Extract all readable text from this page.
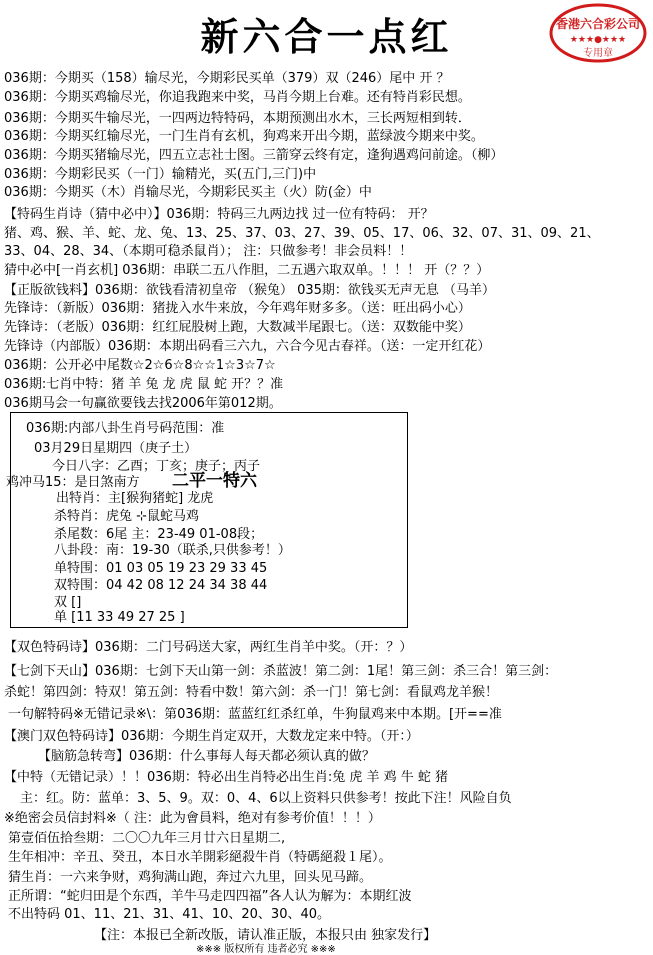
新六合一点红	香港六合彩公司
★★★●★★★
专用章
036期：今期买（158）输尽光，今期彩民买单（379）双（246）尾中 开 ？
036期：今期买鸡输尽光，你追我跑来中奖，马肖今期上台难。还有特肖彩民想。
036期：今期买牛输尽光，一四两边特特码，本期预测出水木，三长两短相到转．
036期：今期买红输尽光，一门生肖有玄机，狗鸡来开出今期，蓝绿波今期来中奖。
036期：今期买猪输尽光，四五立志社士图。三箭穿云终有定，逢狗遇鸡问前途。（柳）
036期：今期彩民买（一门）输精光，买(五门,三门)中
036期：今期买（木）肖输尽光，今期彩民买主（火）防(金）中
【特码生肖诗（猜中必中）】036期：特码三九两边找 过一位有特码： 开？
猪、鸡、猴、羊、蛇、龙、兔、13、25、37、03、27、39、05、17、06、32、07、31、09、21、
33、04、28、34、（本期可稳杀鼠肖）； 注：只做参考！非会员料！！
猜中必中[一肖玄机] 036期：串联二五八作胆，二五遇六取双单。！！！ 开（？？）
【正版欲钱料】036期：欲钱看清初皇帝 （猴兔） 035期：欲钱买无声无息 （马羊）
先锋诗：（新版）036期：猪拢入水牛来放，今年鸡年财多多。（送：旺出码小心）
先锋诗：（老版）036期：红红屁股树上跑，大数减半尾跟七。（送：双数能中奖）
先锋诗（内部版）036期：本期出码看三六九，六合今见古春祥。（送：一定开红花）
036期：公开必中尾数☆2☆6☆8☆☆1☆3☆7☆
036期:七肖中特：猪 羊 兔 龙 虎 鼠 蛇 开？？准
036期马会一句赢欲要钱去找2006年第012期。
036期:内部八卦生肖号码范围：准
03月29日星期四（庚子土）
今日八字：乙酉；丁亥；庚子；丙子
鸡冲马15：是日煞南方
出特肖：主[猴狗猪蛇] 龙虎
杀特肖：虎兔 ⊹鼠蛇马鸡
杀尾数：6尾 主：23-49 01-08段；
八卦段：南：19-30（联杀,只供参考！）
单特围：01 03 05 19 23 29 33 45
双特围：04 42 08 12 24 34 38 44
双 []
单 [11 33 49 27 25 ]
二平一特六
【双色特码诗】036期：二门号码送大家，两红生肖羊中奖。（开：？）
【七剑下天山】036期：七剑下天山第一剑：杀蓝波！第二剑：1尾！第三剑：杀三合！第三剑：
杀蛇！第四剑：特双！第五剑：特看中数！第六剑：杀一门！第七剑：看鼠鸡龙羊猴！
一句解特码※无错记录※\：第036期：蓝蓝红红杀红单，牛狗鼠鸡来中本期。[开==准
【澳门双色特码诗】036期：今期生肖定双开，大数龙定来中特。（开：）
【脑筋急转弯】036期：什么事每人每天都必须认真的做？
【中特（无错记录）！！036期：特必出生肖特必出生肖:兔 虎 羊 鸡 牛 蛇 猪
主：红。防：蓝单：3、5、9。双：0、4、6以上资料只供参考！按此下注！风险自负
※绝密会员信封料※（ 注：此为會員料，绝对有参考价值！！！）
第壹佰伍拾叁期：二〇〇九年三月廿六日星期二,
生年相冲：辛丑、癸丑，本日水羊開彩絕殺牛肖（特碼絕殺１尾）。
猜生肖：一六来争财，鸡狗满山跑，奔过六九里，回头见马蹄。
正所谓：“蛇归田是个东西，羊牛马走四四福”各人认为解为：本期红波
不出特码 01、11、21、31、41、10、20、30、40。
【注：本报已全新改版，请认准正版，本报只由 独家发行】
※※※ 版权所有 违者必究 ※※※
